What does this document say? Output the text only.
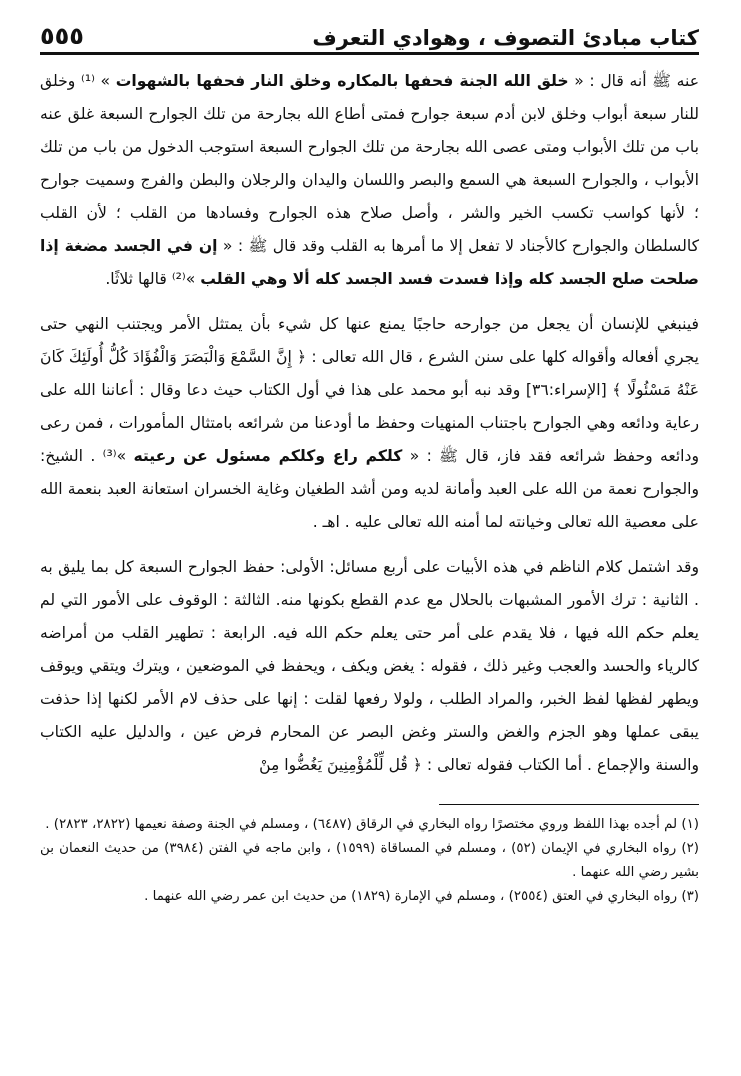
كتاب مبادئ التصوف ، وهوادي التعرف
٥٥٥

عنه ﷺ أنه قال : « خلق الله الجنة فحفها بالمكاره وخلق النار فحفها بالشهوات » ⁽¹⁾ وخلق للنار سبعة أبواب وخلق لابن أدم سبعة جوارح فمتى أطاع الله بجارحة من تلك الجوارح السبعة غلق عنه باب من تلك الأبواب ومتى عصى الله بجارحة من تلك الجوارح السبعة استوجب الدخول من باب من تلك الأبواب ، والجوارح السبعة هي السمع والبصر واللسان واليدان والرجلان والبطن والفرج وسميت جوارح ؛ لأنها كواسب تكسب الخير والشر ، وأصل صلاح هذه الجوارح وفسادها من القلب ؛ لأن القلب كالسلطان والجوارح كالأجناد لا تفعل إلا ما أمرها به القلب وقد قال ﷺ : « إن في الجسد مضغة إذا صلحت صلح الجسد كله وإذا فسدت فسد الجسد كله ألا وهي القلب »⁽²⁾ قالها ثلاثًا.

فينبغي للإنسان أن يجعل من جوارحه حاجبًا يمنع عنها كل شيء بأن يمتثل الأمر ويجتنب النهي حتى يجري أفعاله وأقواله كلها على سنن الشرع ، قال الله تعالى : ﴿ إِنَّ السَّمْعَ وَالْبَصَرَ وَالْفُؤَادَ كُلُّ أُولَئِكَ كَانَ عَنْهُ مَسْئُولًا ﴾ [الإسراء:٣٦] وقد نبه أبو محمد على هذا في أول الكتاب حيث دعا وقال : أعاننا الله على رعاية ودائعه وهي الجوارح باجتناب المنهيات وحفظ ما أودعنا من شرائعه بامتثال المأمورات ، فمن رعى ودائعه وحفظ شرائعه فقد فاز، قال ﷺ : « كلكم راع وكلكم مسئول عن رعيته »⁽³⁾ . الشيخ: والجوارح نعمة من الله على العبد وأمانة لديه ومن أشد الطغيان وغاية الخسران استعانة العبد بنعمة الله على معصية الله تعالى وخيانته لما أمنه الله تعالى عليه . اهـ .

وقد اشتمل كلام الناظم في هذه الأبيات على أربع مسائل: الأولى: حفظ الجوارح السبعة كل بما يليق به . الثانية : ترك الأمور المشبهات بالحلال مع عدم القطع بكونها منه. الثالثة : الوقوف على الأمور التي لم يعلم حكم الله فيها ، فلا يقدم على أمر حتى يعلم حكم الله فيه. الرابعة : تطهير القلب من أمراضه كالرياء والحسد والعجب وغير ذلك ، فقوله : يغض ويكف ، ويحفظ في الموضعين ، ويترك ويتقي ويوقف ويطهر لفظها لفظ الخبر، والمراد الطلب ، ولولا رفعها لقلت : إنها على حذف لام الأمر لكنها إذا حذفت يبقى عملها وهو الجزم والغض والستر وغض البصر عن المحارم فرض عين ، والدليل عليه الكتاب والسنة والإجماع . أما الكتاب فقوله تعالى : ﴿ قُل لِّلْمُؤْمِنِينَ يَغُضُّوا مِنْ

(١) لم أجده بهذا اللفظ وروي مختصرًا رواه البخاري في الرقاق (٦٤٨٧) ، ومسلم في الجنة وصفة نعيمها (٢٨٢٢، ٢٨٢٣) .

(٢) رواه البخاري في الإيمان (٥٢) ، ومسلم في المساقاة (١٥٩٩) ، وابن ماجه في الفتن (٣٩٨٤) من حديث النعمان بن بشير رضي الله عنهما .

(٣) رواه البخاري في العتق (٢٥٥٤) ، ومسلم في الإمارة (١٨٢٩) من حديث ابن عمر رضي الله عنهما .
